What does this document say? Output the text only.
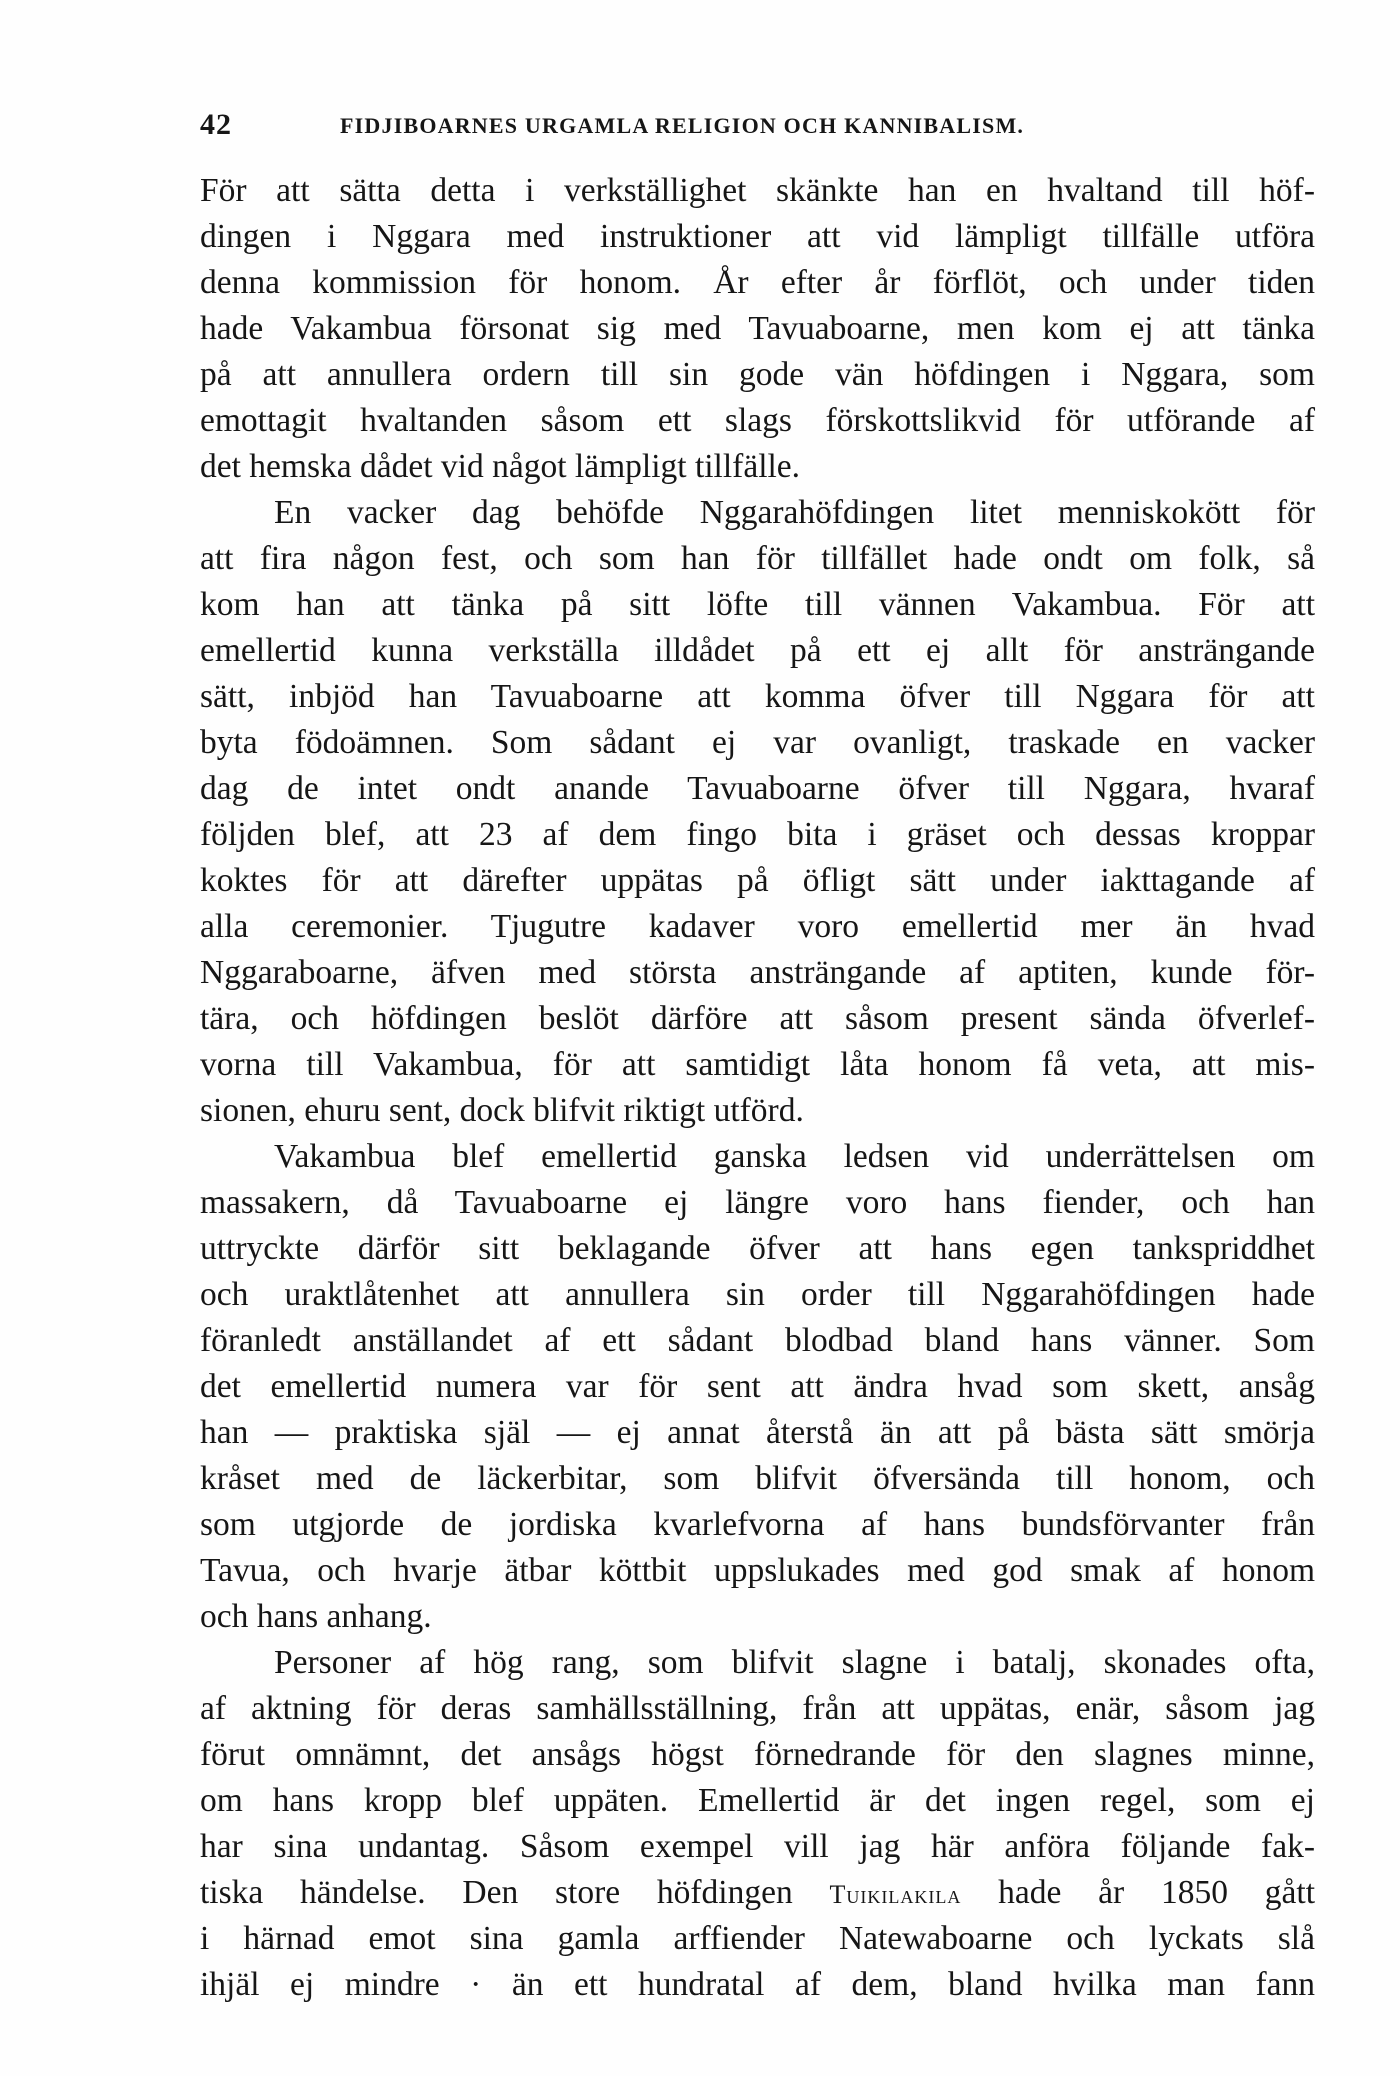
42	FIDJIBOARNES URGAMLA RELIGION OCH KANNIBALISM.
För att sätta detta i verkställighet skänkte han en hvaltand till höf-
dingen i Nggara med instruktioner att vid lämpligt tillfälle utföra
denna kommission för honom. År efter år förflöt, och under tiden
hade Vakambua försonat sig med Tavuaboarne, men kom ej att tänka
på att annullera ordern till sin gode vän höfdingen i Nggara, som
emottagit hvaltanden såsom ett slags förskottslikvid för utförande af
det hemska dådet vid något lämpligt tillfälle.
En vacker dag behöfde Nggarahöfdingen litet menniskokött för
att fira någon fest, och som han för tillfället hade ondt om folk, så
kom han att tänka på sitt löfte till vännen Vakambua. För att
emellertid kunna verkställa illdådet på ett ej allt för ansträngande
sätt, inbjöd han Tavuaboarne att komma öfver till Nggara för att
byta födoämnen. Som sådant ej var ovanligt, traskade en vacker
dag de intet ondt anande Tavuaboarne öfver till Nggara, hvaraf
följden blef, att 23 af dem fingo bita i gräset och dessas kroppar
koktes för att därefter uppätas på öfligt sätt under iakttagande af
alla ceremonier. Tjugutre kadaver voro emellertid mer än hvad
Nggaraboarne, äfven med största ansträngande af aptiten, kunde för-
tära, och höfdingen beslöt därföre att såsom present sända öfverlef-
vorna till Vakambua, för att samtidigt låta honom få veta, att mis-
sionen, ehuru sent, dock blifvit riktigt utförd.
Vakambua blef emellertid ganska ledsen vid underrättelsen om
massakern, då Tavuaboarne ej längre voro hans fiender, och han
uttryckte därför sitt beklagande öfver att hans egen tankspriddhet
och uraktlåtenhet att annullera sin order till Nggarahöfdingen hade
föranledt anställandet af ett sådant blodbad bland hans vänner. Som
det emellertid numera var för sent att ändra hvad som skett, ansåg
han — praktiska själ — ej annat återstå än att på bästa sätt smörja
kråset med de läckerbitar, som blifvit öfversända till honom, och
som utgjorde de jordiska kvarlefvorna af hans bundsförvanter från
Tavua, och hvarje ätbar köttbit uppslukades med god smak af honom
och hans anhang.
Personer af hög rang, som blifvit slagne i batalj, skonades ofta,
af aktning för deras samhällsställning, från att uppätas, enär, såsom jag
förut omnämnt, det ansågs högst förnedrande för den slagnes minne,
om hans kropp blef uppäten. Emellertid är det ingen regel, som ej
har sina undantag. Såsom exempel vill jag här anföra följande fak-
tiska händelse. Den store höfdingen Tuikilakila hade år 1850 gått
i härnad emot sina gamla arffiender Natewaboarne och lyckats slå
ihjäl ej mindre · än ett hundratal af dem, bland hvilka man fann
